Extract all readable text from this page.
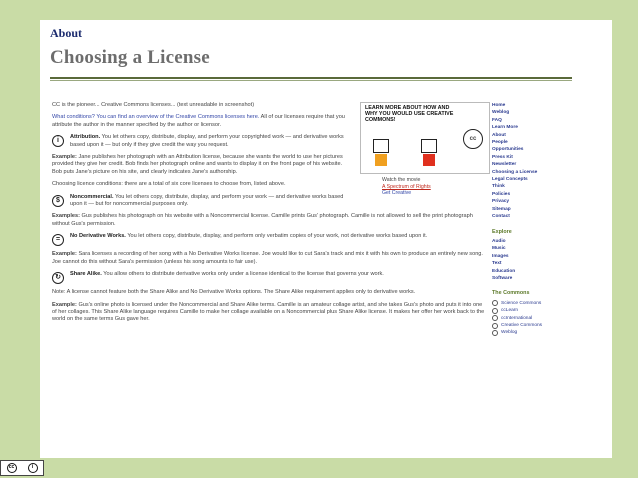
About
Choosing a License
LEARN MORE ABOUT HOW AND WHY YOU WOULD USE CREATIVE COMMONS!
cc
Watch the movie
A Spectrum of Rights
Get Creative

CC is the pioneer... Creative Commons licenses... (text unreadable in screenshot)

What conditions? You can find an overview of the Creative Commons licenses here. All of our licenses require that you attribute the author in the manner specified by the author or licensor.

i	Attribution. You let others copy, distribute, display, and perform your copyrighted work — and derivative works based upon it — but only if they give credit the way you request.

Example: Jane publishes her photograph with an Attribution license, because she wants the world to use her pictures provided they give her credit. Bob finds her photograph online and wants to display it on the front page of his website. Bob puts Jane's picture on his site, and clearly indicates Jane's authorship.

Choosing licence conditions: there are a total of six core licenses to choose from, listed above.

$	Noncommercial. You let others copy, distribute, display, and perform your work — and derivative works based upon it — but for noncommercial purposes only.

Examples: Gus publishes his photograph on his website with a Noncommercial license. Camille prints Gus' photograph. Camille is not allowed to sell the print photograph without Gus's permission.

=	No Derivative Works. You let others copy, distribute, display, and perform only verbatim copies of your work, not derivative works based upon it.

Example: Sara licenses a recording of her song with a No Derivative Works license. Joe would like to cut Sara's track and mix it with his own to produce an entirely new song. Joe cannot do this without Sara's permission (unless his song amounts to fair use).

↻	Share Alike. You allow others to distribute derivative works only under a license identical to the license that governs your work.

Note: A license cannot feature both the Share Alike and No Derivative Works options. The Share Alike requirement applies only to derivative works.

Example: Gus's online photo is licensed under the Noncommercial and Share Alike terms. Camille is an amateur collage artist, and she takes Gus's photo and puts it into one of her collages. This Share Alike language requires Camille to make her collage available on a Noncommercial plus Share Alike license. It makes her offer her work back to the world on the same terms Gus gave her.

Home
Weblog
FAQ
Learn More
About
People
Opportunities
Press Kit
Newsletter
Choosing a License
Legal Concepts
Think
Policies
Privacy
Sitemap
Contact
Explore
Audio
Music
Images
Text
Education
Software
The Commons
Science Commons
ccLearn
ccInternational
Creative Commons
Weblog
cc	i
